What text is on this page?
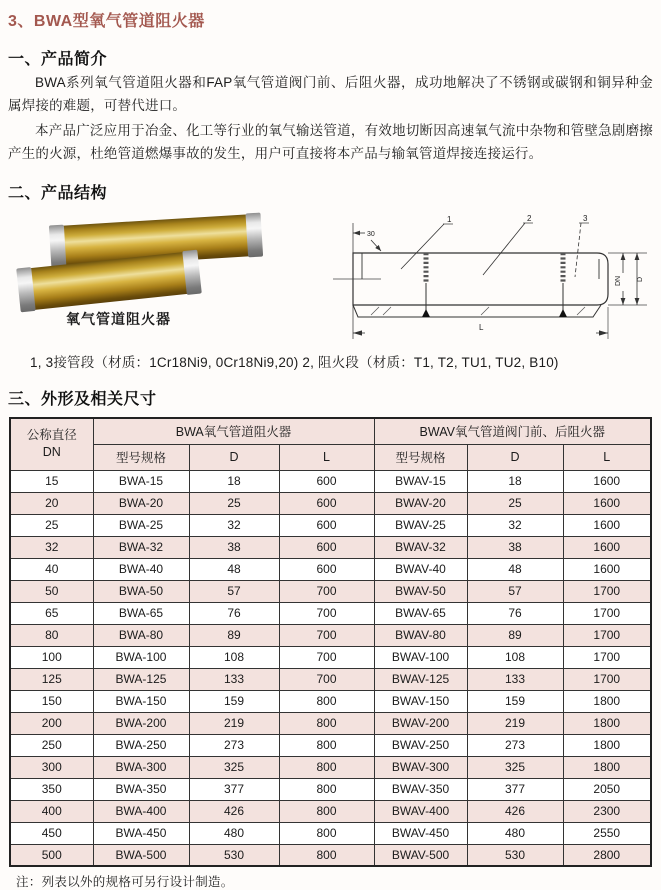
3、BWA型氧气管道阻火器
一、产品简介

BWA系列氧气管道阻火器和FAP氧气管道阀门前、后阻火器，成功地解决了不锈钢或碳钢和铜异种金属焊接的难题，可替代进口。

本产品广泛应用于冶金、化工等行业的氧气输送管道，有效地切断因高速氧气流中杂物和管壁急剧磨擦产生的火源，杜绝管道燃爆事故的发生，用户可直接将本产品与输氧管道焊接连接运行。

二、产品结构
氧气管道阻火器
30
1	2	3
DN D
L

1, 3接管段（材质：1Cr18Ni9, 0Cr18Ni9,20) 2, 阻火段（材质：T1, T2, TU1, TU2, B10)

三、外形及相关尺寸
公称直径
DN	BWA氧气管道阻火器			BWAV氧气管道阀门前、后阻火器		
	型号规格	D	L	型号规格	D	L
15	BWA-15	18	600	BWAV-15	18	1600
20	BWA-20	25	600	BWAV-20	25	1600
25	BWA-25	32	600	BWAV-25	32	1600
32	BWA-32	38	600	BWAV-32	38	1600
40	BWA-40	48	600	BWAV-40	48	1600
50	BWA-50	57	700	BWAV-50	57	1700
65	BWA-65	76	700	BWAV-65	76	1700
80	BWA-80	89	700	BWAV-80	89	1700
100	BWA-100	108	700	BWAV-100	108	1700
125	BWA-125	133	700	BWAV-125	133	1700
150	BWA-150	159	800	BWAV-150	159	1800
200	BWA-200	219	800	BWAV-200	219	1800
250	BWA-250	273	800	BWAV-250	273	1800
300	BWA-300	325	800	BWAV-300	325	1800
350	BWA-350	377	800	BWAV-350	377	2050
400	BWA-400	426	800	BWAV-400	426	2300
450	BWA-450	480	800	BWAV-450	480	2550
500	BWA-500	530	800	BWAV-500	530	2800

注：列表以外的规格可另行设计制造。
